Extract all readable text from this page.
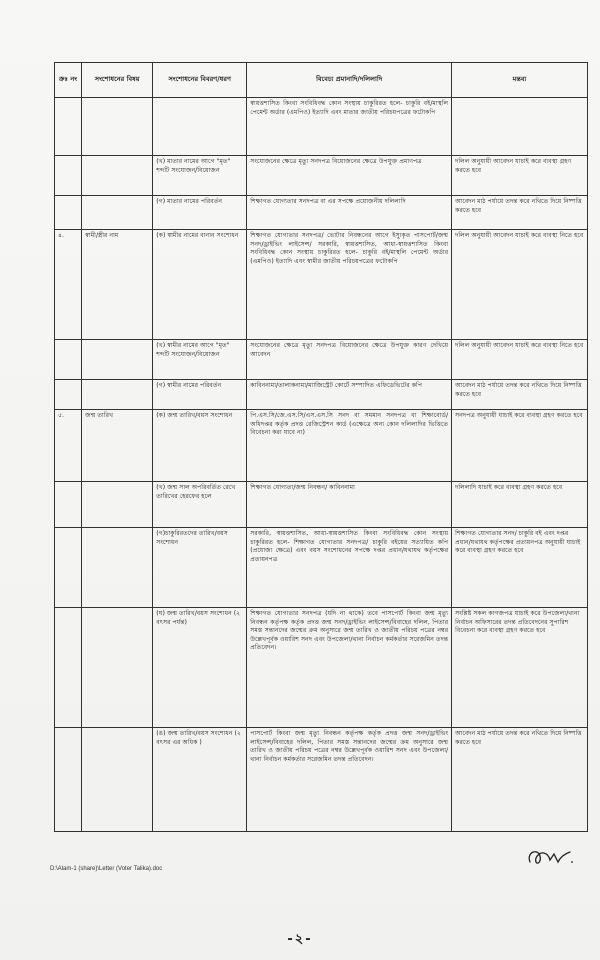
ক্রঃ নং	সংশোধনের বিষয়	সংশোধনের বিবরণ/ধরণ	বিবেচ্য প্রমানাদি/দলিলাদি	মন্তব্য
			স্বায়ত্তশাসিত কিংবা সংবিধিবদ্ধ কোন সংস্থায় চাকুরিরত হলে- চাকুরি বই/মাস্থলি পেমেন্ট অর্ডার (এমপিও) ইত্যাদি এবং মাতার জাতীয় পরিচয়পত্রের ফটোকপি	
		(খ) মাতার নামের আগে "মৃত" শব্দটি সংযোজন/বিয়োজন	সংযোজনের ক্ষেত্রে মৃত্যু সনদপত্র বিয়োজনের ক্ষেত্রে উপযুক্ত প্রমাণপত্র	দলিল অনুযায়ী আবেদন যাচাই করে ব্যবস্থা গ্রহণ করতে হবে
		(গ) মাতার নামের পরিবর্তন	শিক্ষাগত যোগ্যতার সনদপত্র বা এর সপক্ষে প্রয়োজনীয় দলিলাদি	আবেদন মাঠ পর্যায়ে তদন্ত করে নথিতে দিয়ে নিষ্পত্তি করতে হবে
৪.	স্বামী/স্ত্রীর নাম	(ক) স্বামীর নামের বানান সংশোধন	শিক্ষাগত যোগ্যতার সনদপত্র/ ভোটার নিবন্ধনের আগে ইস্যুকৃত পাসপোর্ট/জন্ম সনদ/ড্রাইভিং লাইসেন্স/ সরকারি, স্বায়ত্তশাসিত, আধা-স্বায়ত্তশাসিত কিংবা সংবিধিবদ্ধ কোন সংস্থায় চাকুরিরত হলে- চাকুরি বই/মাস্থলি পেমেন্ট অর্ডার (এমপিও) ইত্যাদি এবং স্বামীর জাতীয় পরিচয়পত্রের ফটোকপি	দলিল অনুযায়ী আবেদন যাচাই করে ব্যবস্থা নিতে হবে
		(খ) স্বামীর নামের আগে "মৃত" শব্দটি সংযোজন/বিয়োজন	সংযোজনের ক্ষেত্রে মৃত্যু সনদপত্র বিয়োজনের ক্ষেত্রে উপযুক্ত কারণ দেখিয়ে আবেদন	দলিল অনুযায়ী আবেদন যাচাই করে ব্যবস্থা নিতে হবে
		(গ) স্বামীর নামের পরিবর্তন	কাবিননামা/তালাকনামা/ম্যাজিস্ট্রেট কোর্টে সম্পাদিত এফিডেভিটের কপি	আবেদন মাঠ পর্যায়ে তদন্ত করে নথিতে দিয়ে নিষ্পত্তি করতে হবে
৫.	জন্ম তারিখ	(ক) জন্ম তারিখ/বয়স সংশোধন	পি.এস.সি/জে.এস.সি/এস.এস.সি সনদ বা সমমান সনদপত্র বা শিক্ষাবোর্ড/ অধিদপ্তর কর্তৃক প্রদত্ত রেজিস্ট্রেশন কার্ড (এক্ষেত্রে অন্য কোন দলিলাদির ভিত্তিতে বিবেচনা করা যাবে না)	সনদপত্র অনুযায়ী যাচাই করে ব্যবস্থা গ্রহণ করতে হবে
		(খ) জন্ম সাল অপরিবর্তিত রেখে তারিখের হেরফের হলে	শিক্ষাগত যোগ্যতা/জন্ম নিবন্ধন/ কাবিননামা	দলিলাদি যাচাই করে ব্যবস্থা গ্রহণ করতে হবে
		(গ)চাকুরিরতদের তারিখ/বয়স সংশোধন	সরকারি, স্বায়ত্তশাসিত, আধা-স্বায়ত্তশাসিত কিংবা সংবিধিবদ্ধ কোন সংস্থায় চাকুরিরত হলে- শিক্ষাগত যোগ্যতার সনদপত্র/ চাকুরি বইয়ের সত্যায়িত কপি (প্রযোজ্য ক্ষেত্রে) এবং বয়স সংশোধনের সপক্ষে দপ্তর প্রধান/যথাযথ কর্তৃপক্ষের প্রত্যয়নপত্র	শিক্ষাগত যোগ্যতার সনদ/ চাকুরি বই এবং দপ্তর প্রধান/যথাযথ কর্তৃপক্ষের প্রত্যয়নপত্র অনুযায়ী যাচাই করে ব্যবস্থা গ্রহণ করতে হবে
		(ঘ) জন্ম তারিখ/বয়স সংশোধন (২ বৎসর পর্যন্ত)	শিক্ষাগত যোগ্যতার সনদপত্র (যদি না থাকে) তবে পাসপোর্ট কিংবা জন্ম মৃত্যু নিবন্ধন কর্তৃপক্ষ কর্তৃক প্রদত্ত জন্ম সনদ/ড্রাইভিং লাইসেন্স/বিবাহের দলিল, পিতার সমস্ত সন্তানদের জন্মের ক্রম অনুসারে জন্ম তারিখ ও জাতীয় পরিচয় পত্রের নম্বর উল্লেখপূর্বক ওয়ারিশ সনদ এবং উপজেলা/থানা নির্বাচন কর্মকর্তার সরেজমিন তদন্ত প্রতিবেদন।	সংশ্লিষ্ট সকল কাগজপত্র যাচাই করে উপজেলা/থানা নির্বাচন অফিসারের তদন্ত প্রতিবেদনের সুপারিশ বিবেচনা করে ব্যবস্থা গ্রহণ করতে হবে
		(ঙ) জন্ম তারিখ/বয়স সংশোধন (২ বৎসর এর অধিক )	পাসপোর্ট কিংবা জন্ম মৃত্যু নিবন্ধন কর্তৃপক্ষ কর্তৃক প্রদত্ত জন্ম সনদ/ড্রাইভিং লাইসেন্স/বিবাহের দলিল, পিতার সমস্ত সন্তানদের জন্মের ক্রম অনুসারে জন্ম তারিখ ও জাতীয় পরিচয় পত্রের নম্বর উল্লেখপূর্বক ওয়ারিশ সনদ এবং উপজেলা/থানা নির্বাচন কর্মকর্তার সরেজমিন তদন্ত প্রতিবেদন।	আবেদন মাঠ পর্যায়ে তদন্ত করে নথিতে দিয়ে নিষ্পত্তি করতে হবে
D:\Alam-1 (share)\Letter (Voter Talika).doc
-২-
